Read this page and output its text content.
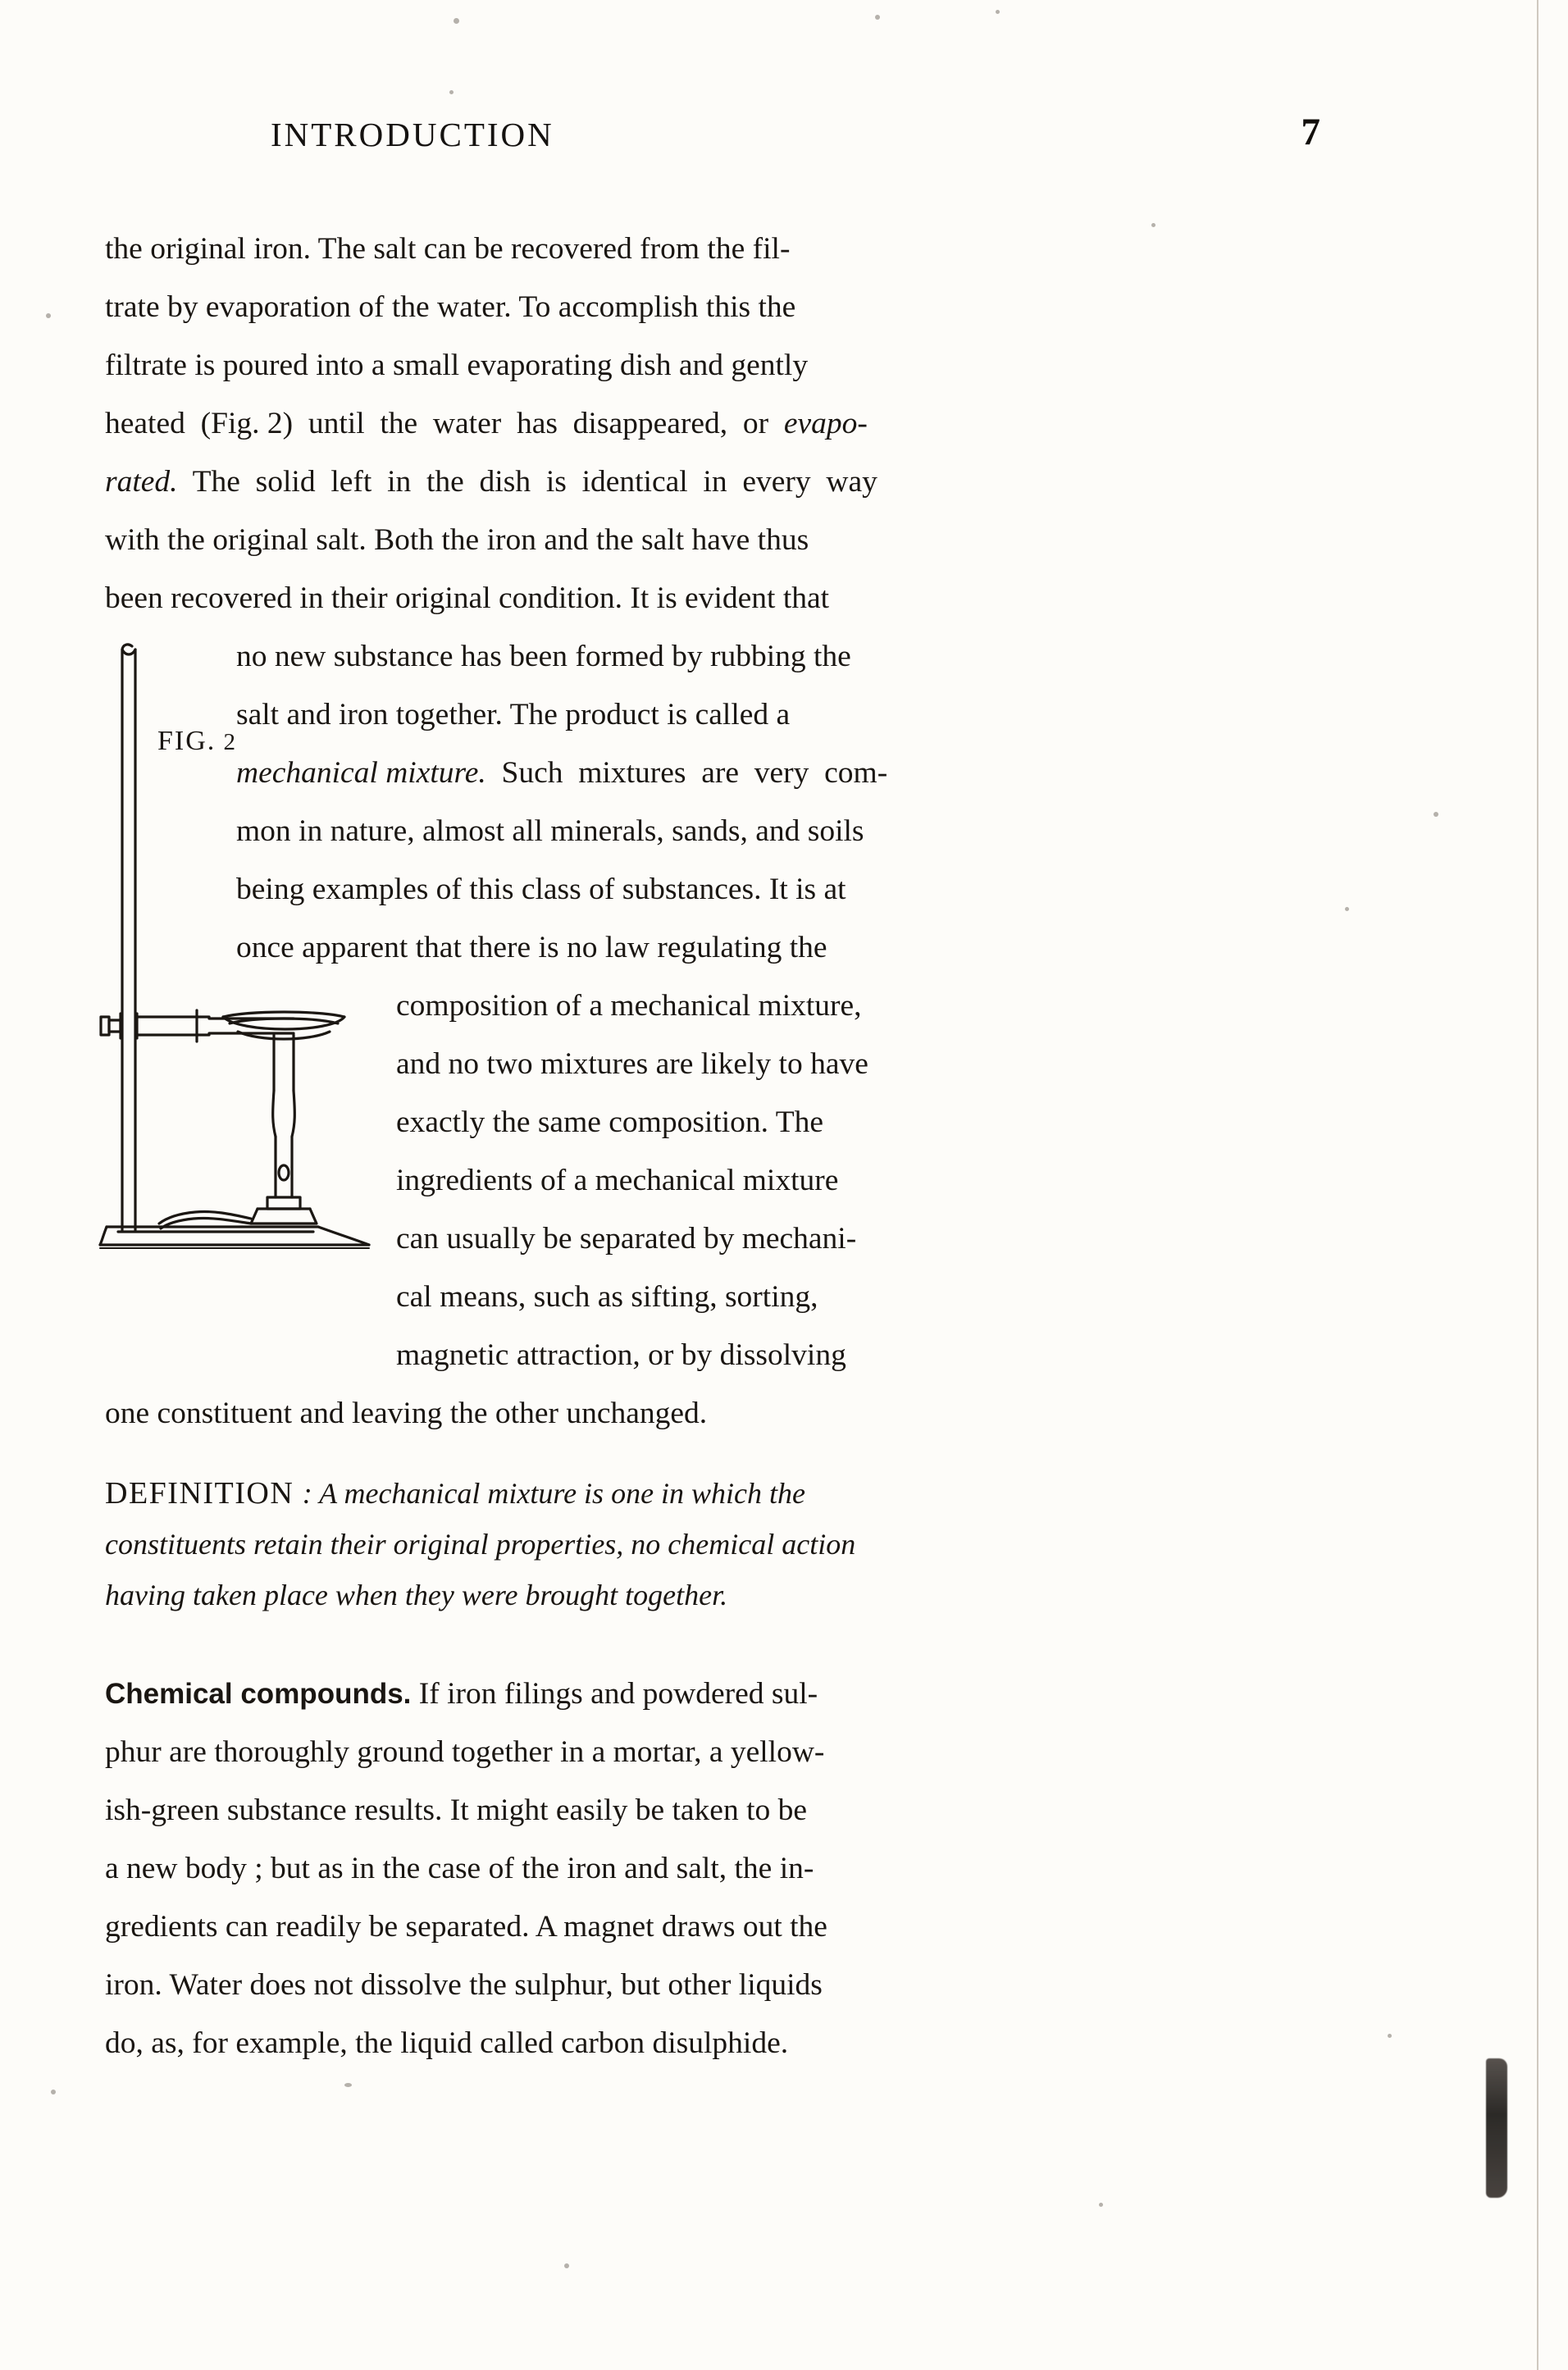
INTRODUCTION	7
the original iron. The salt can be recovered from the fil-
trate by evaporation of the water. To accomplish this the
filtrate is poured into a small evaporating dish and gently
heated  (Fig. 2)  until  the  water  has  disappeared,  or  evapo-
rated.  The  solid  left  in  the  dish  is  identical  in  every  way
with the original salt. Both the iron and the salt have thus
been recovered in their original condition. It is evident that
FIG. 2
no new substance has been formed by rubbing the
salt and iron together. The product is called a
mechanical mixture.  Such  mixtures  are  very  com-
mon in nature, almost all minerals, sands, and soils
being examples of this class of substances. It is at
once apparent that there is no law regulating the
composition of a mechanical mixture,
and no two mixtures are likely to have
exactly the same composition. The
ingredients of a mechanical mixture
can usually be separated by mechani-
cal means, such as sifting, sorting,
magnetic attraction, or by dissolving
one constituent and leaving the other unchanged.
DEFINITION : A mechanical mixture is one in which the
constituents retain their original properties, no chemical action
having taken place when they were brought together.
Chemical compounds. If iron filings and powdered sul-
phur are thoroughly ground together in a mortar, a yellow-
ish-green substance results. It might easily be taken to be
a new body ; but as in the case of the iron and salt, the in-
gredients can readily be separated. A magnet draws out the
iron. Water does not dissolve the sulphur, but other liquids
do, as, for example, the liquid called carbon disulphide.
